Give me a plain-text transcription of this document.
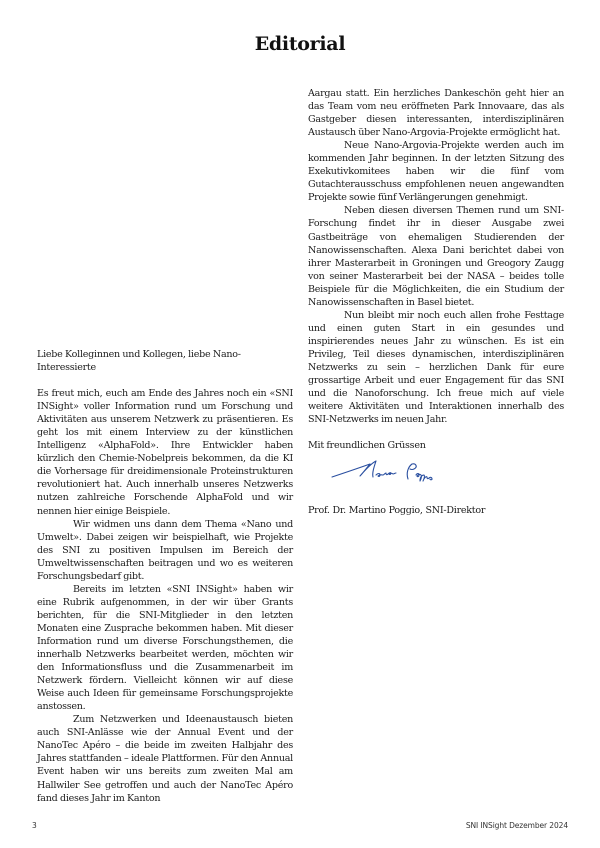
Editorial

Liebe Kolleginnen und Kollegen, liebe Nano-Interessierte

Es freut mich, euch am Ende des Jahres noch ein «SNI INSight» voller Information rund um Forschung und Aktivitäten aus unserem Netzwerk zu präsentieren. Es geht los mit einem Interview zu der künstlichen Intelligenz «AlphaFold». Ihre Entwickler haben kürzlich den Chemie-Nobelpreis bekommen, da die KI die Vorhersage für dreidimensionale Proteinstrukturen revolutioniert hat. Auch innerhalb unseres Netzwerks nutzen zahlreiche Forschende AlphaFold und wir nennen hier einige Beispiele.

Wir widmen uns dann dem Thema «Nano und Umwelt». Dabei zeigen wir beispielhaft, wie Projekte des SNI zu positiven Impulsen im Bereich der Umweltwissenschaften beitragen und wo es weiteren Forschungsbedarf gibt.

Bereits im letzten «SNI INSight» haben wir eine Rubrik aufgenommen, in der wir über Grants berichten, für die SNI-Mitglieder in den letzten Monaten eine Zusprache bekommen haben. Mit dieser Information rund um diverse Forschungsthemen, die innerhalb Netzwerks bearbeitet werden, möchten wir den Informationsfluss und die Zusammenarbeit im Netzwerk fördern. Vielleicht können wir auf diese Weise auch Ideen für gemeinsame Forschungsprojekte anstossen.

Zum Netzwerken und Ideenaustausch bieten auch SNI-Anlässe wie der Annual Event und der NanoTec Apéro – die beide im zweiten Halbjahr des Jahres stattfanden – ideale Plattformen. Für den Annual Event haben wir uns bereits zum zweiten Mal am Hallwiler See getroffen und auch der NanoTec Apéro fand dieses Jahr im Kanton

Aargau statt. Ein herzliches Dankeschön geht hier an das Team vom neu eröffneten Park Innovaare, das als Gastgeber diesen interessanten, interdisziplinären Austausch über Nano-Argovia-Projekte ermöglicht hat.

Neue Nano-Argovia-Projekte werden auch im kommenden Jahr beginnen. In der letzten Sitzung des Exekutivkomitees haben wir die fünf vom Gutachterausschuss empfohlenen neuen angewandten Projekte sowie fünf Verlängerungen genehmigt.

Neben diesen diversen Themen rund um SNI-Forschung findet ihr in dieser Ausgabe zwei Gastbeiträge von ehemaligen Studierenden der Nanowissenschaften. Alexa Dani berichtet dabei von ihrer Masterarbeit in Groningen und Greogory Zaugg von seiner Masterarbeit bei der NASA – beides tolle Beispiele für die Möglichkeiten, die ein Studium der Nanowissenschaften in Basel bietet.

Nun bleibt mir noch euch allen frohe Festtage und einen guten Start in ein gesundes und inspirierendes neues Jahr zu wünschen. Es ist ein Privileg, Teil dieses dynamischen, interdisziplinären Netzwerks zu sein – herzlichen Dank für eure grossartige Arbeit und euer Engagement für das SNI und die Nanoforschung. Ich freue mich auf viele weitere Aktivitäten und Interaktionen innerhalb des SNI-Netzwerks im neuen Jahr.

Mit freundlichen Grüssen

Prof. Dr. Martino Poggio, SNI-Direktor
3	SNI INSight Dezember 2024
